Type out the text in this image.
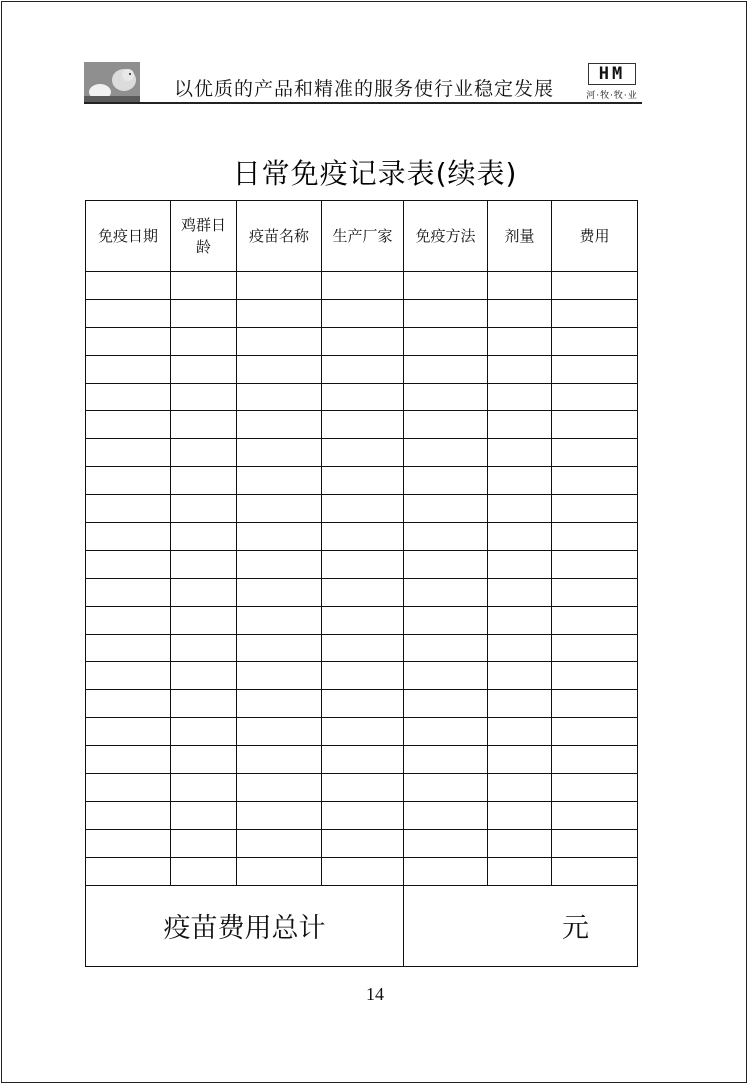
以优质的产品和精准的服务使行业稳定发展
HM
河·牧·牧·业
日常免疫记录表(续表)
免疫日期	鸡群日龄	疫苗名称	生产厂家	免疫方法	剂量	费用

疫苗费用总计				元		
14
